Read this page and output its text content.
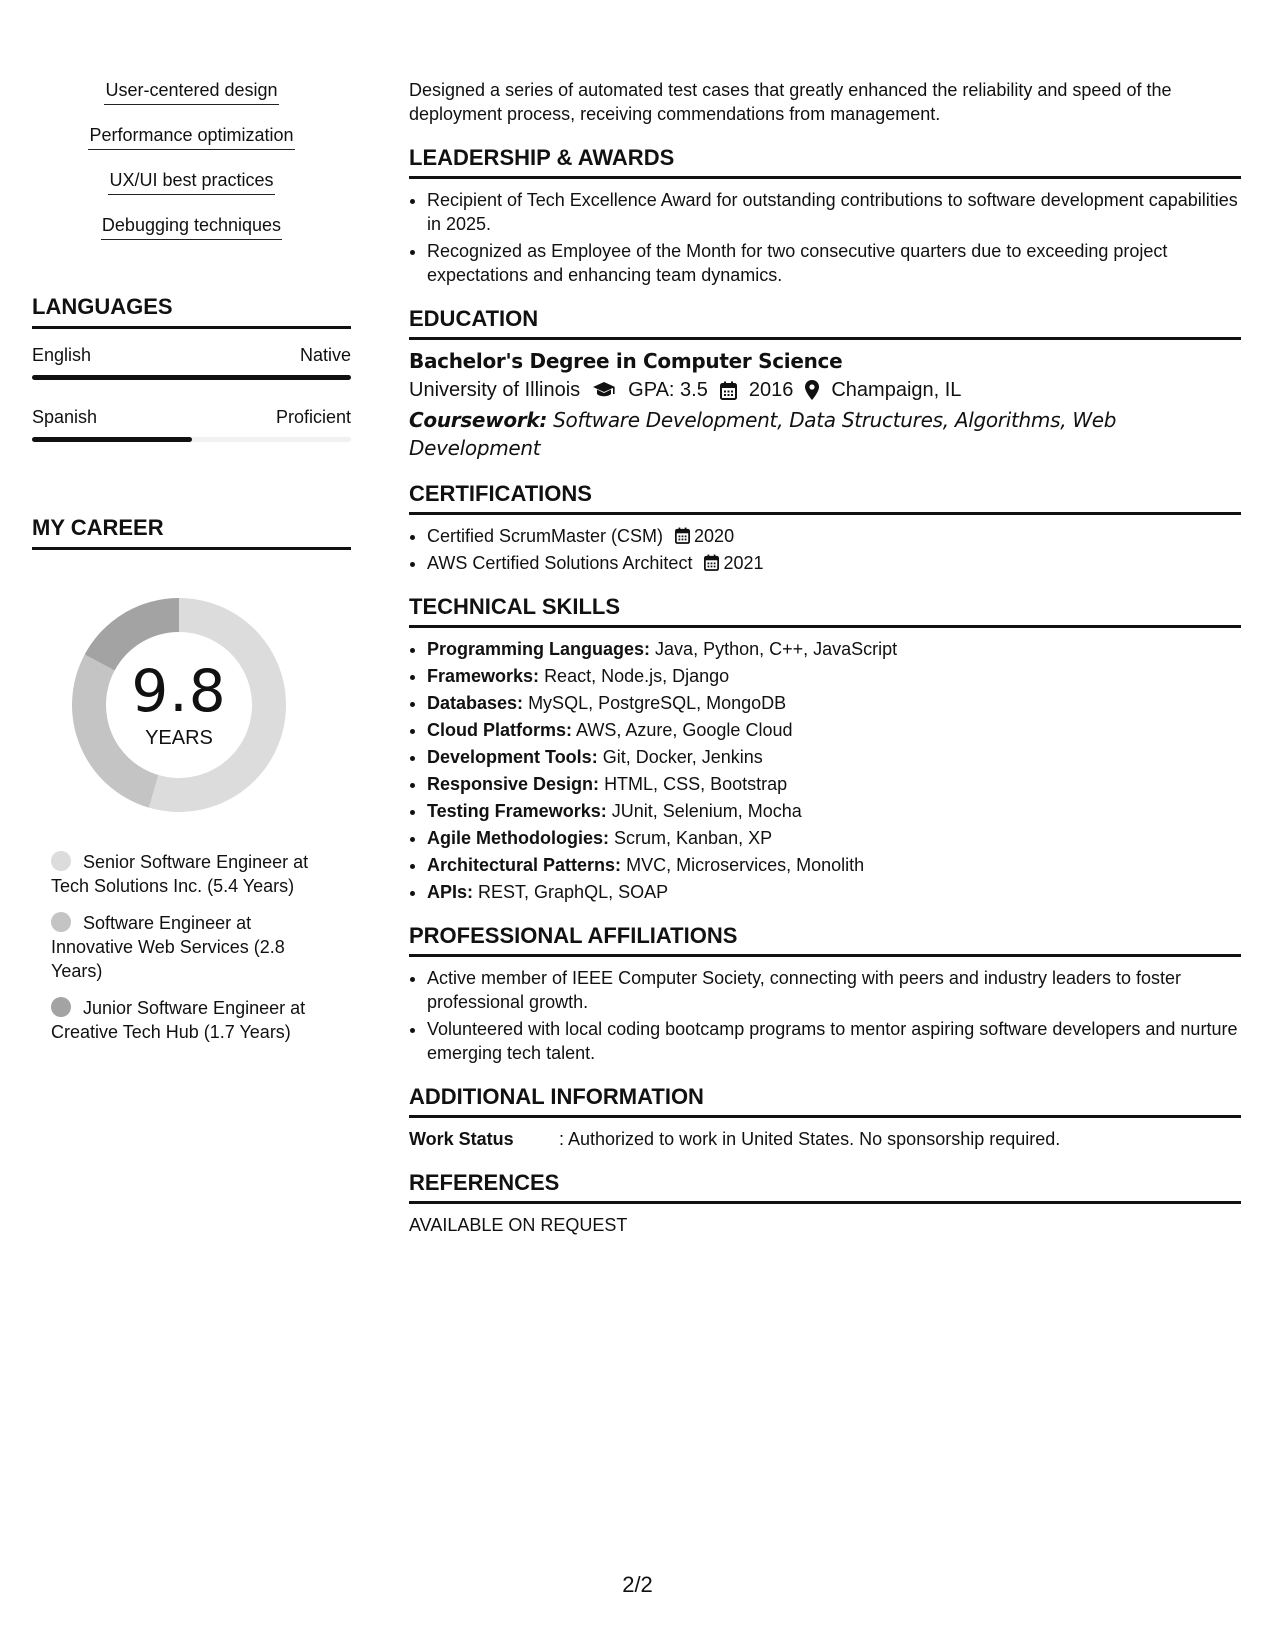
User-centered design
Performance optimization
UX/UI best practices
Debugging techniques
LANGUAGES
English	Native
Spanish	Proficient
MY CAREER
9.8
YEARS
Senior Software Engineer at Tech Solutions Inc. (5.4 Years)
Software Engineer at Innovative Web Services (2.8 Years)
Junior Software Engineer at Creative Tech Hub (1.7 Years)

Designed a series of automated test cases that greatly enhanced the reliability and speed of the deployment process, receiving commendations from management.

LEADERSHIP & AWARDS
• Recipient of Tech Excellence Award for outstanding contributions to software development capabilities in 2025.
• Recognized as Employee of the Month for two consecutive quarters due to exceeding project expectations and enhancing team dynamics.
EDUCATION
Bachelor's Degree in Computer Science
University of Illinois GPA: 3.5 2016 Champaign, IL
Coursework: Software Development, Data Structures, Algorithms, Web Development
CERTIFICATIONS
• Certified ScrumMaster (CSM) 2020
• AWS Certified Solutions Architect 2021
TECHNICAL SKILLS
• Programming Languages: Java, Python, C++, JavaScript
• Frameworks: React, Node.js, Django
• Databases: MySQL, PostgreSQL, MongoDB
• Cloud Platforms: AWS, Azure, Google Cloud
• Development Tools: Git, Docker, Jenkins
• Responsive Design: HTML, CSS, Bootstrap
• Testing Frameworks: JUnit, Selenium, Mocha
• Agile Methodologies: Scrum, Kanban, XP
• Architectural Patterns: MVC, Microservices, Monolith
• APIs: REST, GraphQL, SOAP
PROFESSIONAL AFFILIATIONS
• Active member of IEEE Computer Society, connecting with peers and industry leaders to foster professional growth.
• Volunteered with local coding bootcamp programs to mentor aspiring software developers and nurture emerging tech talent.
ADDITIONAL INFORMATION
Work Status	: Authorized to work in United States. No sponsorship required.
REFERENCES
AVAILABLE ON REQUEST
2/2
